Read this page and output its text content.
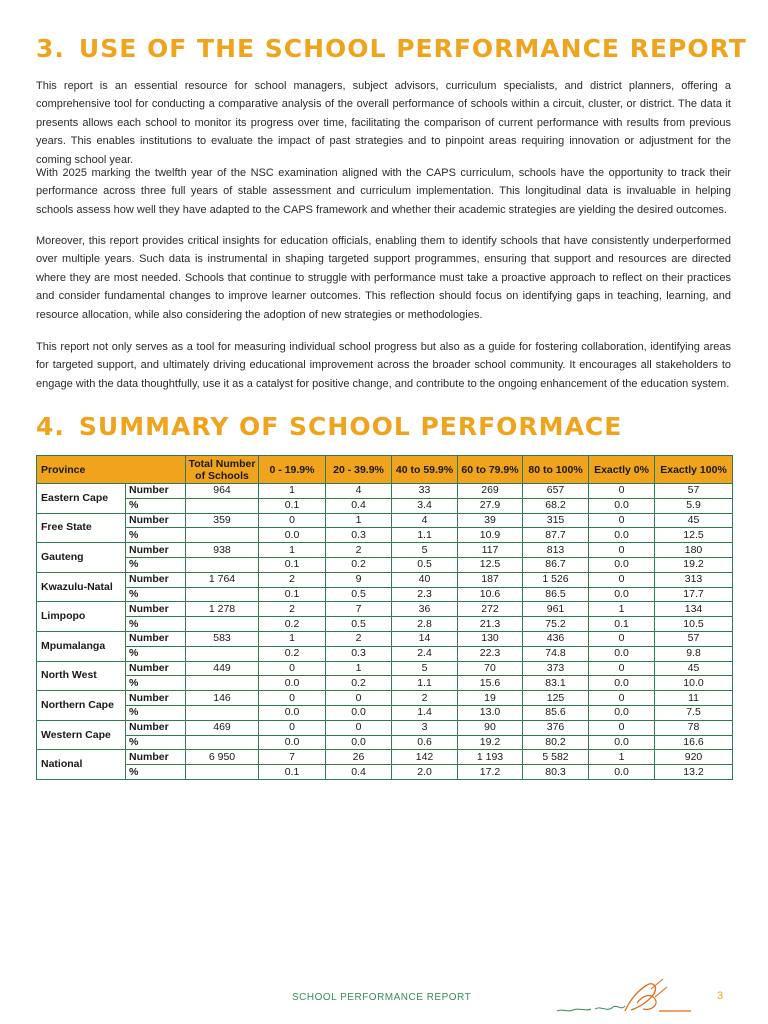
3. USE OF THE SCHOOL PERFORMANCE REPORT

This report is an essential resource for school managers, subject advisors, curriculum specialists, and district planners, offering a comprehensive tool for conducting a comparative analysis of the overall performance of schools within a circuit, cluster, or district. The data it presents allows each school to monitor its progress over time, facilitating the comparison of current performance with results from previous years. This enables institutions to evaluate the impact of past strategies and to pinpoint areas requiring innovation or adjustment for the coming school year.

With 2025 marking the twelfth year of the NSC examination aligned with the CAPS curriculum, schools have the opportunity to track their performance across three full years of stable assessment and curriculum implementation. This longitudinal data is invaluable in helping schools assess how well they have adapted to the CAPS framework and whether their academic strategies are yielding the desired outcomes.

Moreover, this report provides critical insights for education officials, enabling them to identify schools that have consistently underperformed over multiple years. Such data is instrumental in shaping targeted support programmes, ensuring that support and resources are directed where they are most needed. Schools that continue to struggle with performance must take a proactive approach to reflect on their practices and consider fundamental changes to improve learner outcomes. This reflection should focus on identifying gaps in teaching, learning, and resource allocation, while also considering the adoption of new strategies or methodologies.

This report not only serves as a tool for measuring individual school progress but also as a guide for fostering collaboration, identifying areas for targeted support, and ultimately driving educational improvement across the broader school community. It encourages all stakeholders to engage with the data thoughtfully, use it as a catalyst for positive change, and contribute to the ongoing enhancement of the education system.

4. SUMMARY OF SCHOOL PERFORMACE
Province		Total Number of Schools	0 - 19.9%	20 - 39.9%	40 to 59.9%	60 to 79.9%	80 to 100%	Exactly 0%	Exactly 100%
Eastern Cape	Number	964	1	4	33	269	657	0	57
	%		0.1	0.4	3.4	27.9	68.2	0.0	5.9
Free State	Number	359	0	1	4	39	315	0	45
	%		0.0	0.3	1.1	10.9	87.7	0.0	12.5
Gauteng	Number	938	1	2	5	117	813	0	180
	%		0.1	0.2	0.5	12.5	86.7	0.0	19.2
Kwazulu-Natal	Number	1 764	2	9	40	187	1 526	0	313
	%		0.1	0.5	2.3	10.6	86.5	0.0	17.7
Limpopo	Number	1 278	2	7	36	272	961	1	134
	%		0.2	0.5	2.8	21.3	75.2	0.1	10.5
Mpumalanga	Number	583	1	2	14	130	436	0	57
	%		0.2	0.3	2.4	22.3	74.8	0.0	9.8
North West	Number	449	0	1	5	70	373	0	45
	%		0.0	0.2	1.1	15.6	83.1	0.0	10.0
Northern Cape	Number	146	0	0	2	19	125	0	11
	%		0.0	0.0	1.4	13.0	85.6	0.0	7.5
Western Cape	Number	469	0	0	3	90	376	0	78
	%		0.0	0.0	0.6	19.2	80.2	0.0	16.6
National	Number	6 950	7	26	142	1 193	5 582	1	920
	%		0.1	0.4	2.0	17.2	80.3	0.0	13.2
SCHOOL PERFORMANCE REPORT	3
